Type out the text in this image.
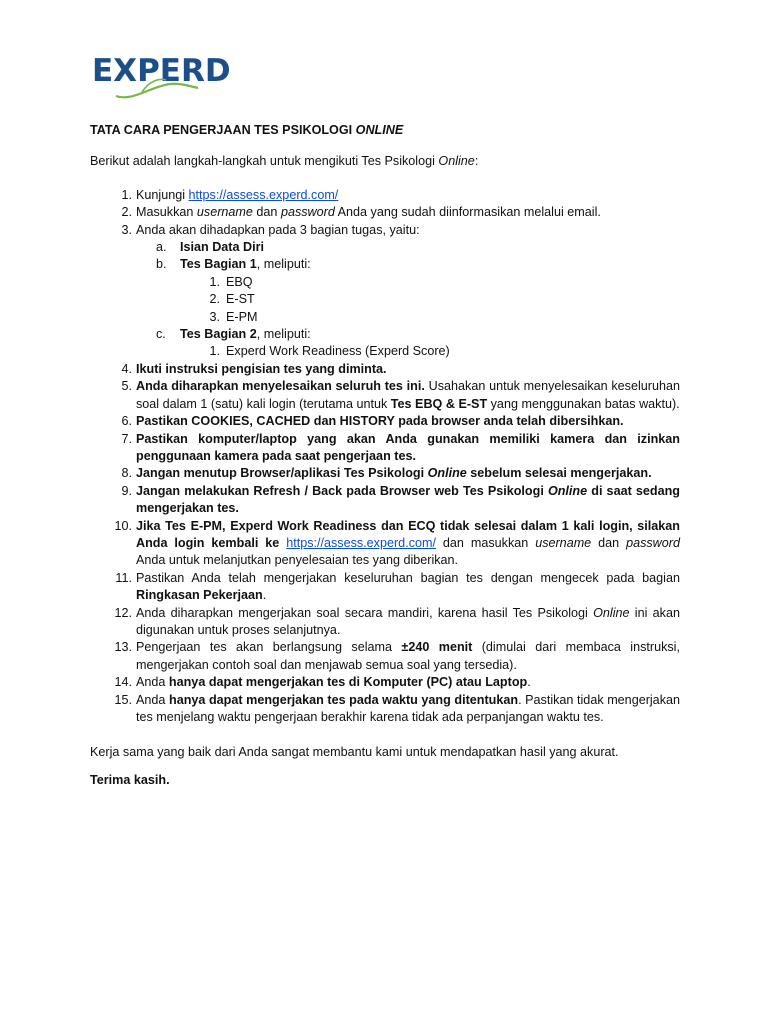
EXPERD

TATA CARA PENGERJAAN TES PSIKOLOGI ONLINE

Berikut adalah langkah-langkah untuk mengikuti Tes Psikologi Online:

1. Kunjungi https://assess.experd.com/
2. Masukkan username dan password Anda yang sudah diinformasikan melalui email.
3. Anda akan dihadapkan pada 3 bagian tugas, yaitu:
a.	Isian Data Diri
b.	Tes Bagian 1, meliputi:
1. EBQ
2. E-ST
3. E-PM
c.	Tes Bagian 2, meliputi:
1. Experd Work Readiness (Experd Score)
4. Ikuti instruksi pengisian tes yang diminta.
5. Anda diharapkan menyelesaikan seluruh tes ini. Usahakan untuk menyelesaikan keseluruhan soal dalam 1 (satu) kali login (terutama untuk Tes EBQ & E-ST yang menggunakan batas waktu).
6. Pastikan COOKIES, CACHED dan HISTORY pada browser anda telah dibersihkan.
7. Pastikan komputer/laptop yang akan Anda gunakan memiliki kamera dan izinkan penggunaan kamera pada saat pengerjaan tes.
8. Jangan menutup Browser/aplikasi Tes Psikologi Online sebelum selesai mengerjakan.
9. Jangan melakukan Refresh / Back pada Browser web Tes Psikologi Online di saat sedang mengerjakan tes.
10. Jika Tes E-PM, Experd Work Readiness dan ECQ tidak selesai dalam 1 kali login, silakan Anda login kembali ke https://assess.experd.com/ dan masukkan username dan password Anda untuk melanjutkan penyelesaian tes yang diberikan.
11. Pastikan Anda telah mengerjakan keseluruhan bagian tes dengan mengecek pada bagian Ringkasan Pekerjaan.
12. Anda diharapkan mengerjakan soal secara mandiri, karena hasil Tes Psikologi Online ini akan digunakan untuk proses selanjutnya.
13. Pengerjaan tes akan berlangsung selama ±240 menit (dimulai dari membaca instruksi, mengerjakan contoh soal dan menjawab semua soal yang tersedia).
14. Anda hanya dapat mengerjakan tes di Komputer (PC) atau Laptop.
15. Anda hanya dapat mengerjakan tes pada waktu yang ditentukan. Pastikan tidak mengerjakan tes menjelang waktu pengerjaan berakhir karena tidak ada perpanjangan waktu tes.

Kerja sama yang baik dari Anda sangat membantu kami untuk mendapatkan hasil yang akurat.

Terima kasih.
